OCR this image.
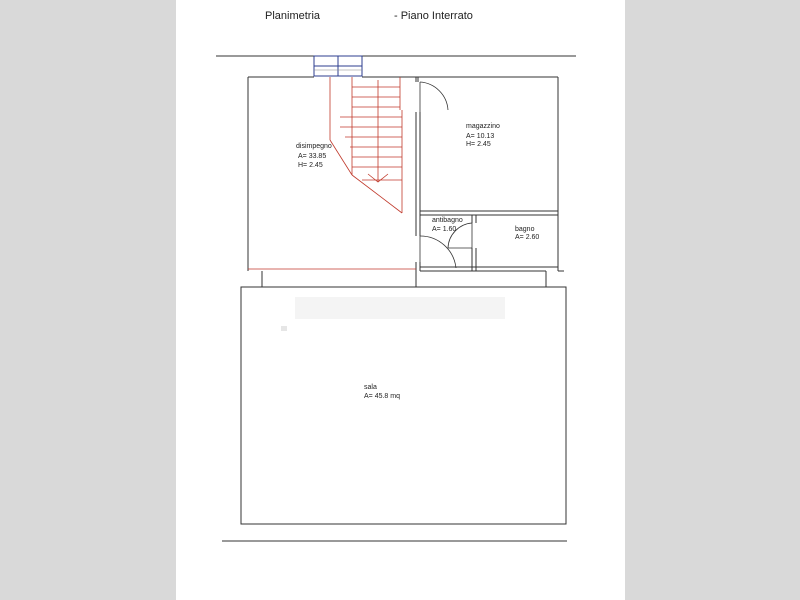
Planimetria	- Piano Interrato
disimpegno
A= 33.85
H= 2.45
magazzino
A= 10.13
H= 2.45
antibagno
A= 1.60	bagno
A= 2.60
sala
A= 45.8 mq
